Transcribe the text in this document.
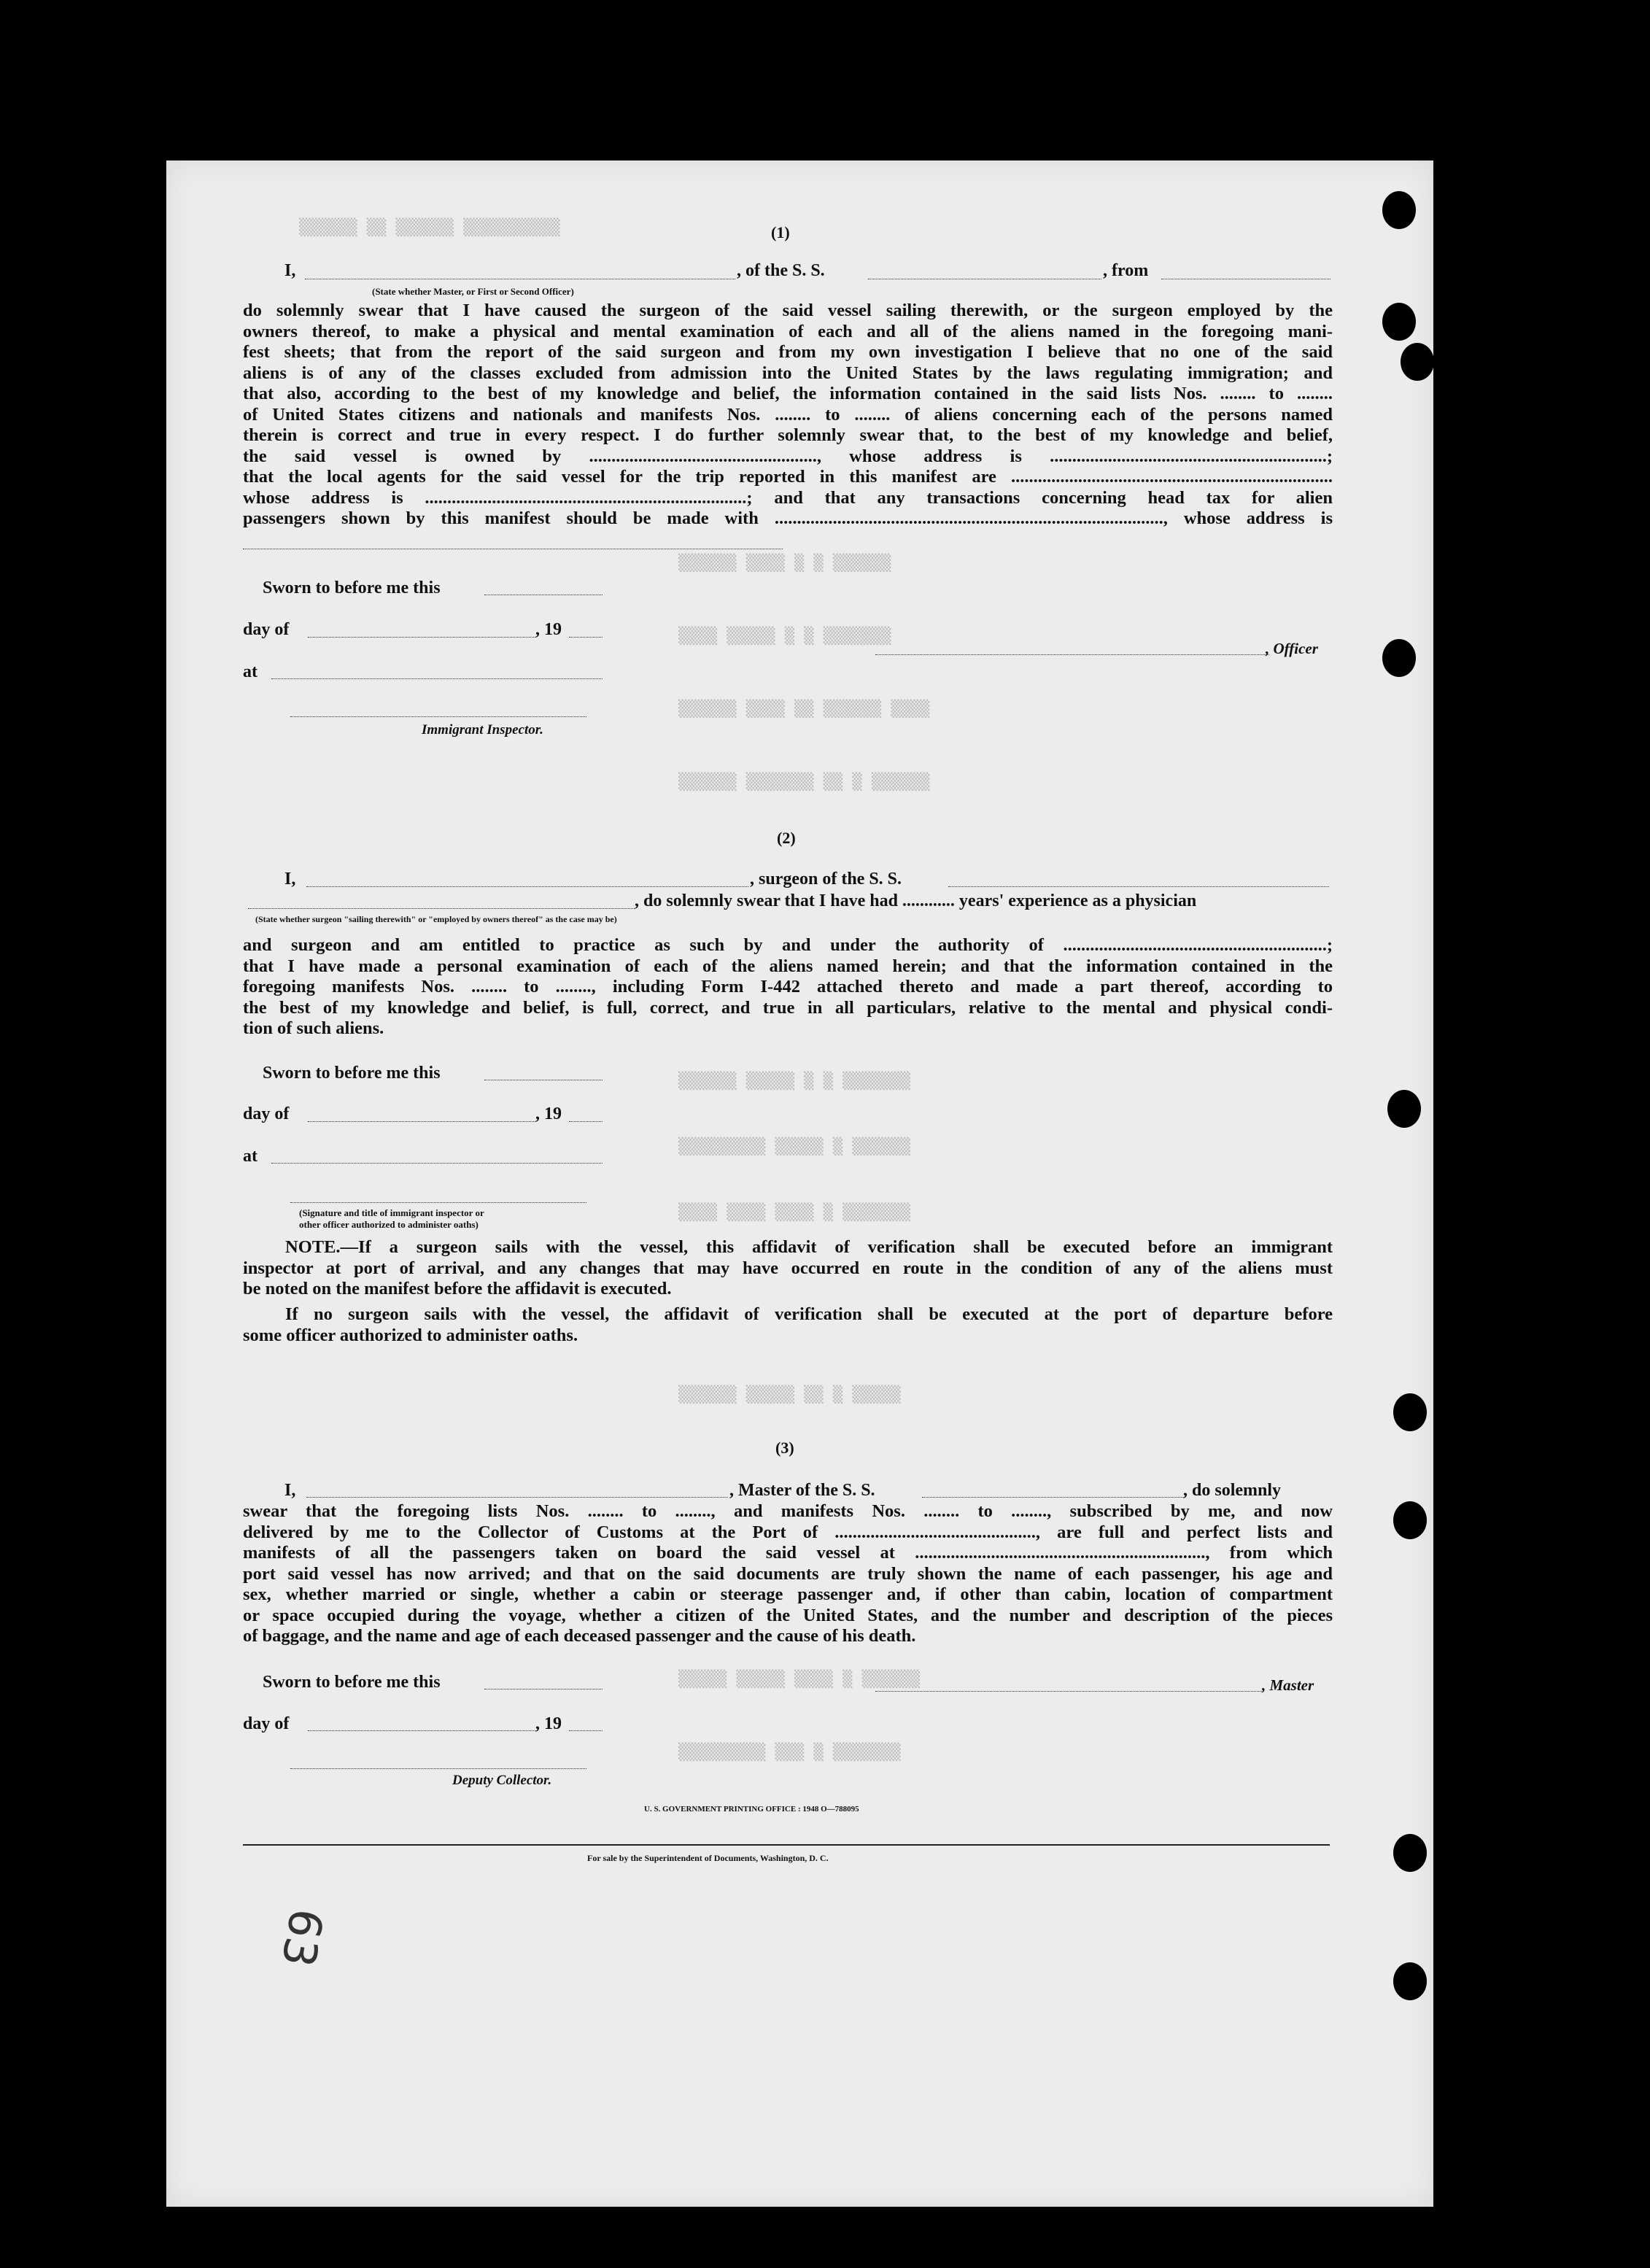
▒▒▒▒▒▒ ▒▒ ▒▒▒▒▒▒ ▒▒▒▒▒▒▒▒▒▒
▒▒▒▒▒▒ ▒▒▒▒ ▒ ▒ ▒▒▒▒▒▒
▒▒▒▒ ▒▒▒▒▒ ▒ ▒ ▒▒▒▒▒▒▒
▒▒▒▒▒▒ ▒▒▒▒ ▒▒ ▒▒▒▒▒▒ ▒▒▒▒
▒▒▒▒▒▒ ▒▒▒▒▒▒▒ ▒▒ ▒ ▒▒▒▒▒▒
▒▒▒▒▒▒ ▒▒▒▒▒ ▒ ▒ ▒▒▒▒▒▒▒
▒▒▒▒▒▒▒▒▒ ▒▒▒▒▒ ▒ ▒▒▒▒▒▒
▒▒▒▒ ▒▒▒▒ ▒▒▒▒ ▒ ▒▒▒▒▒▒▒
▒▒▒▒▒▒ ▒▒▒▒▒ ▒▒ ▒ ▒▒▒▒▒
▒▒▒▒▒ ▒▒▒▒▒ ▒▒▒▒ ▒ ▒▒▒▒▒▒
▒▒▒▒▒▒▒▒▒ ▒▒▒ ▒ ▒▒▒▒▒▒▒
(1)
I,	, of the S. S.	, from
(State whether Master, or First or Second Officer)
do solemnly swear that I have caused the surgeon of the said vessel sailing therewith, or the surgeon employed by the
owners thereof, to make a physical and mental examination of each and all of the aliens named in the foregoing mani-
fest sheets; that from the report of the said surgeon and from my own investigation I believe that no one of the said
aliens is of any of the classes excluded from admission into the United States by the laws regulating immigration; and
that also, according to the best of my knowledge and belief, the information contained in the said lists Nos. ........ to ........
of United States citizens and nationals and manifests Nos. ........ to ........ of aliens concerning each of the persons named
therein is correct and true in every respect. I do further solemnly swear that, to the best of my knowledge and belief,
the said vessel is owned by ..................................................., whose address is ..............................................................;
that the local agents for the said vessel for the trip reported in this manifest are ........................................................................
whose address is ........................................................................; and that any transactions concerning head tax for alien
passengers shown by this manifest should be made with ......................................................................................., whose address is
Sworn to before me this
day of	, 19
at
, Officer
Immigrant Inspector.
(2)
I,	, surgeon of the S. S.
, do solemnly swear that I have had ............ years' experience as a physician
(State whether surgeon "sailing therewith" or "employed by owners thereof" as the case may be)
and surgeon and am entitled to practice as such by and under the authority of ...........................................................;
that I have made a personal examination of each of the aliens named herein; and that the information contained in the
foregoing manifests Nos. ........ to ........, including Form I-442 attached thereto and made a part thereof, according to
the best of my knowledge and belief, is full, correct, and true in all particulars, relative to the mental and physical condi-
tion of such aliens.
Sworn to before me this
day of	, 19
at
(Signature and title of immigrant inspector or
other officer authorized to administer oaths)
NOTE.—If a surgeon sails with the vessel, this affidavit of verification shall be executed before an immigrant
inspector at port of arrival, and any changes that may have occurred en route in the condition of any of the aliens must
be noted on the manifest before the affidavit is executed.
If no surgeon sails with the vessel, the affidavit of verification shall be executed at the port of departure before
some officer authorized to administer oaths.
(3)
I,	, Master of the S. S.	, do solemnly
swear that the foregoing lists Nos. ........ to ........, and manifests Nos. ........ to ........, subscribed by me, and now
delivered by me to the Collector of Customs at the Port of ............................................., are full and perfect lists and
manifests of all the passengers taken on board the said vessel at ................................................................., from which
port said vessel has now arrived; and that on the said documents are truly shown the name of each passenger, his age and
sex, whether married or single, whether a cabin or steerage passenger and, if other than cabin, location of compartment
or space occupied during the voyage, whether a citizen of the United States, and the number and description of the pieces
of baggage, and the name and age of each deceased passenger and the cause of his death.
Sworn to before me this	, Master
day of	, 19
Deputy Collector.
U. S. GOVERNMENT PRINTING OFFICE : 1948 O—788095
For sale by the Superintendent of Documents, Washington, D. C.
63
